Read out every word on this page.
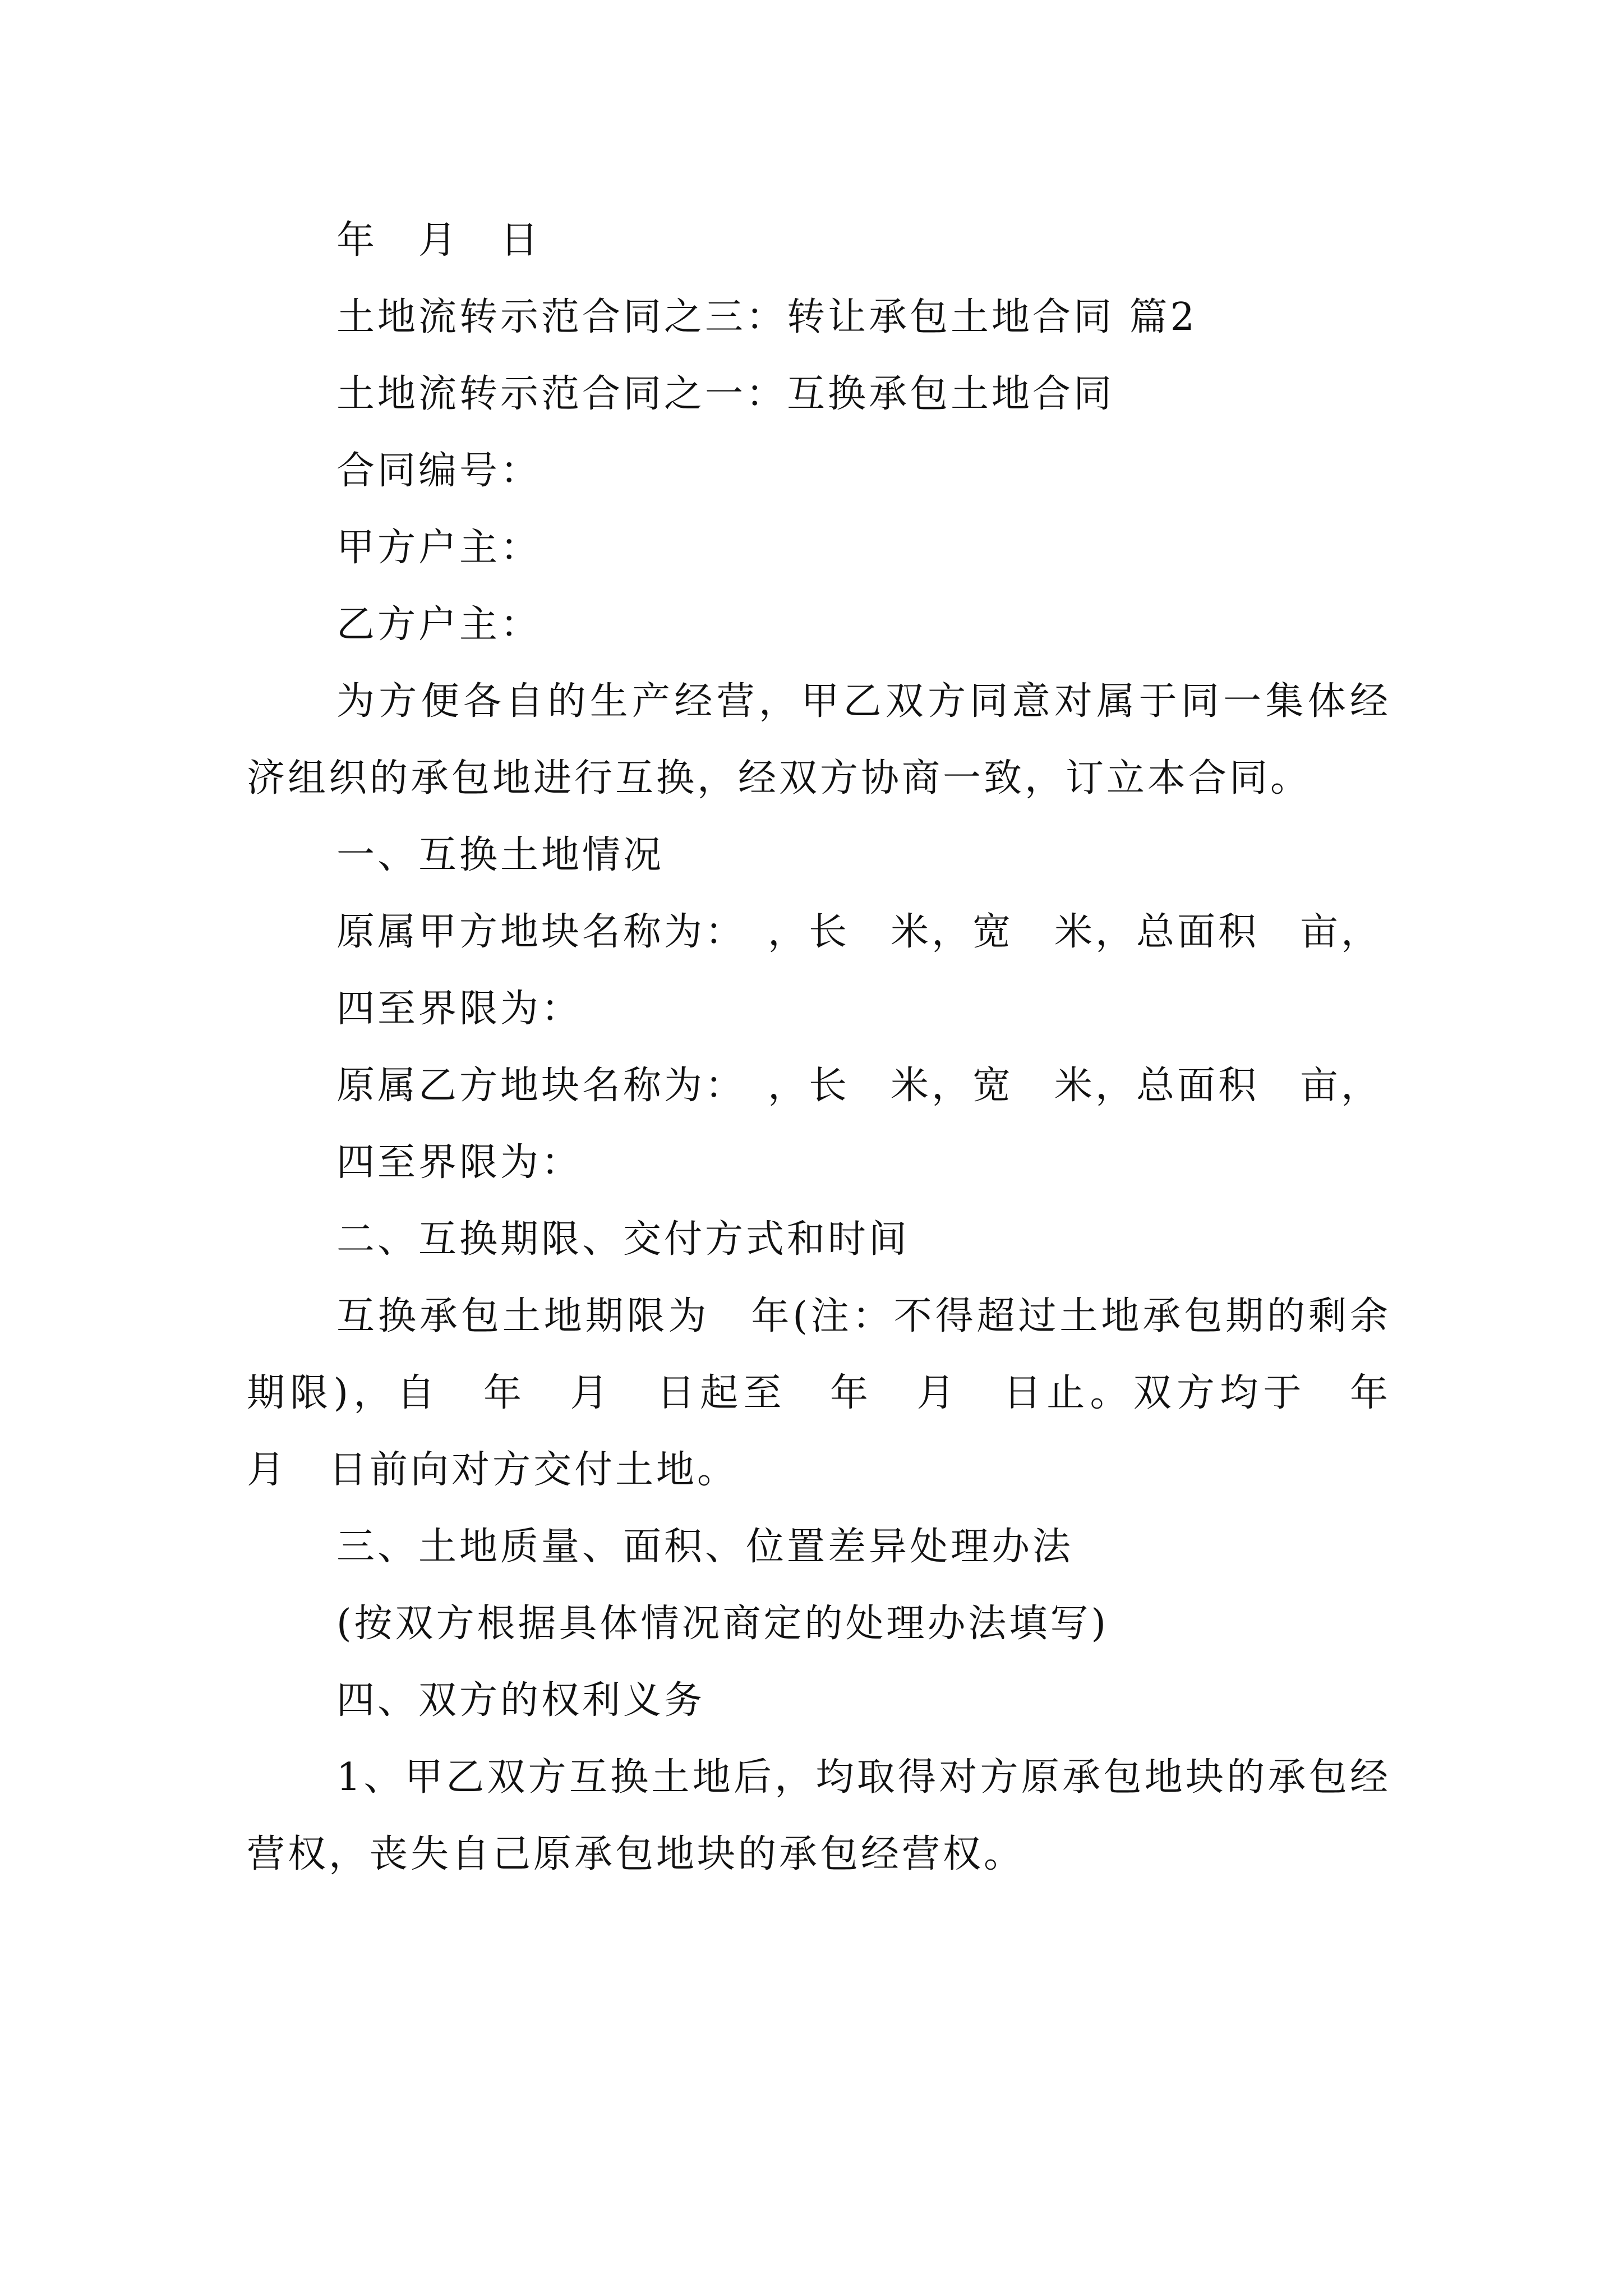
年　月　日

土地流转示范合同之三：转让承包土地合同 篇2

土地流转示范合同之一：互换承包土地合同

合同编号：

甲方户主：

乙方户主：

为方便各自的生产经营，甲乙双方同意对属于同一集体经济组织的承包地进行互换，经双方协商一致，订立本合同。

一、互换土地情况

原属甲方地块名称为：　，长　米，宽　米，总面积　亩，

四至界限为：

原属乙方地块名称为：　，长　米，宽　米，总面积　亩，

四至界限为：

二、互换期限、交付方式和时间

互换承包土地期限为　年(注：不得超过土地承包期的剩余期限)，自　年　月　日起至　年　月　日止。双方均于　年　月　日前向对方交付土地。

三、土地质量、面积、位置差异处理办法

(按双方根据具体情况商定的处理办法填写)

四、双方的权利义务

1、甲乙双方互换土地后，均取得对方原承包地块的承包经营权，丧失自己原承包地块的承包经营权。
